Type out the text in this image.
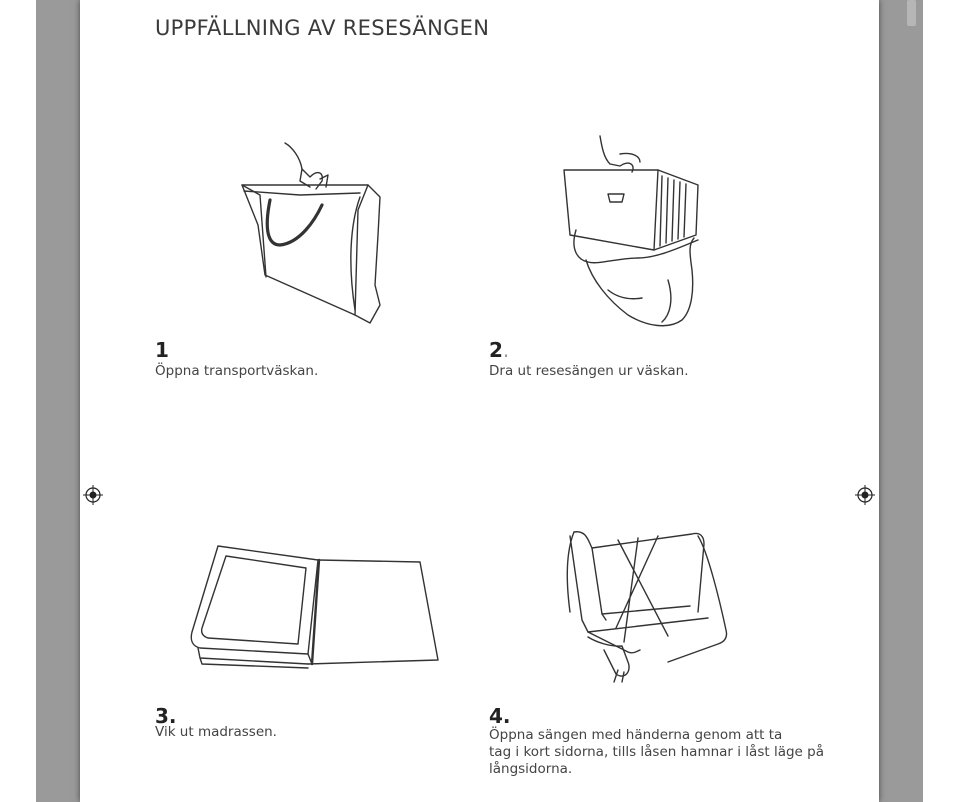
UPPFÄLLNING AV RESESÄNGEN
1
Öppna transportväskan.
2.
Dra ut resesängen ur väskan.
3.
Vik ut madrassen.
4.
Öppna sängen med händerna genom att ta
tag i kort sidorna, tills låsen hamnar i låst läge på
långsidorna.
